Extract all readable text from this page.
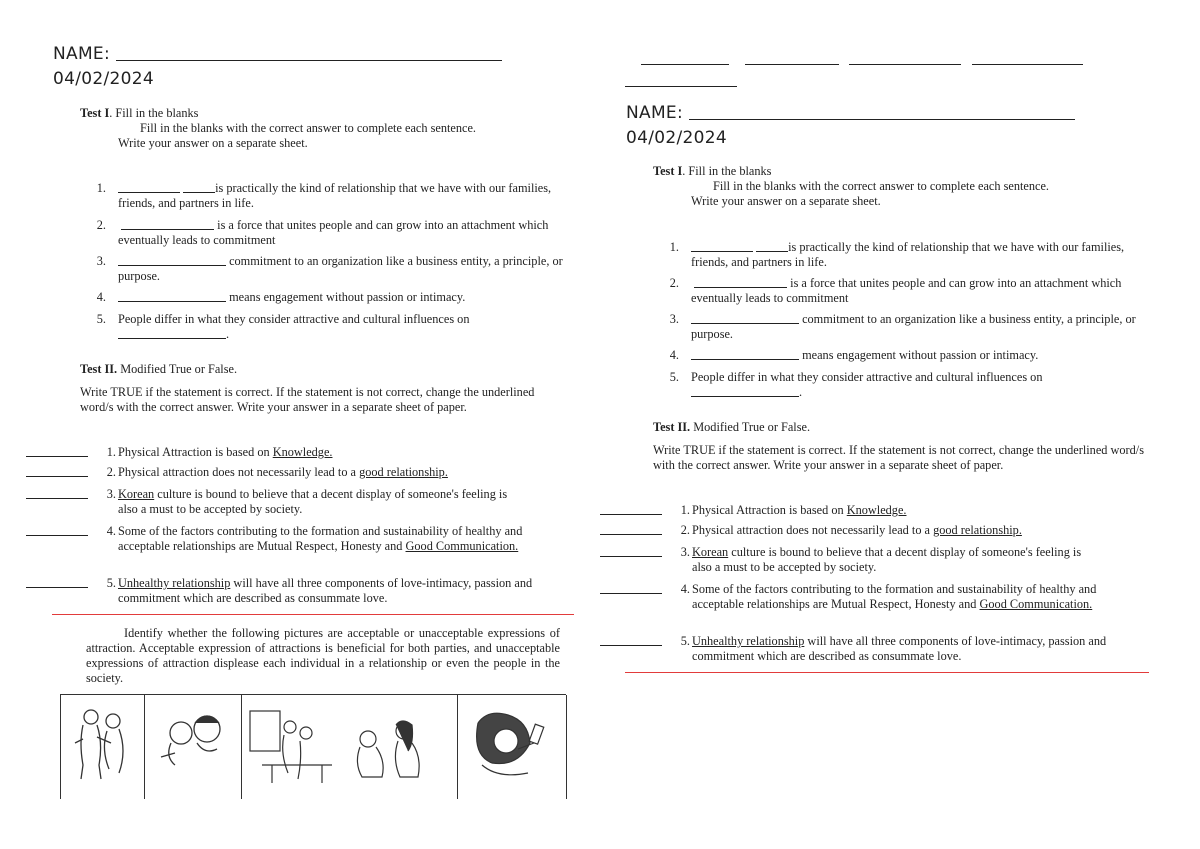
NAME:
04/02/2024
Test I. Fill in the blanks
Fill in the blanks with the correct answer to complete each sentence.
Write your answer on a separate sheet.
1.	is practically the kind of relationship that we have with our families, friends, and partners in life.
2.	is a force that unites people and can grow into an attachment which eventually leads to commitment
3.	commitment to an organization like a business entity, a principle, or purpose.
4.	means engagement without passion or intimacy.
5. People differ in what they consider attractive and cultural influences on
.
Test II. Modified True or False.
Write TRUE if the statement is correct. If the statement is not correct, change the underlined word/s with the correct answer. Write your answer in a separate sheet of paper.
1. Physical Attraction is based on Knowledge.
2. Physical attraction does not necessarily lead to a good relationship.
3. Korean culture is bound to believe that a decent display of someone's feeling is also a must to be accepted by society.
4. Some of the factors contributing to the formation and sustainability of healthy and acceptable relationships are Mutual Respect, Honesty and Good Communication.
5. Unhealthy relationship will have all three components of love-intimacy, passion and commitment which are described as consummate love.
Identify whether the following pictures are acceptable or unacceptable expressions of attraction. Acceptable expression of attractions is beneficial for both parties, and unacceptable expressions of attraction displease each individual in a relationship or even the people in the society.
NAME:
04/02/2024
Test I. Fill in the blanks
Fill in the blanks with the correct answer to complete each sentence.
Write your answer on a separate sheet.
1.	is practically the kind of relationship that we have with our families, friends, and partners in life.
2.	is a force that unites people and can grow into an attachment which eventually leads to commitment
3.	commitment to an organization like a business entity, a principle, or purpose.
4.	means engagement without passion or intimacy.
5. People differ in what they consider attractive and cultural influences on
.
Test II. Modified True or False.
Write TRUE if the statement is correct. If the statement is not correct, change the underlined word/s with the correct answer. Write your answer in a separate sheet of paper.
1. Physical Attraction is based on Knowledge.
2. Physical attraction does not necessarily lead to a good relationship.
3. Korean culture is bound to believe that a decent display of someone's feeling is also a must to be accepted by society.
4. Some of the factors contributing to the formation and sustainability of healthy and acceptable relationships are Mutual Respect, Honesty and Good Communication.
5. Unhealthy relationship will have all three components of love-intimacy, passion and commitment which are described as consummate love.
